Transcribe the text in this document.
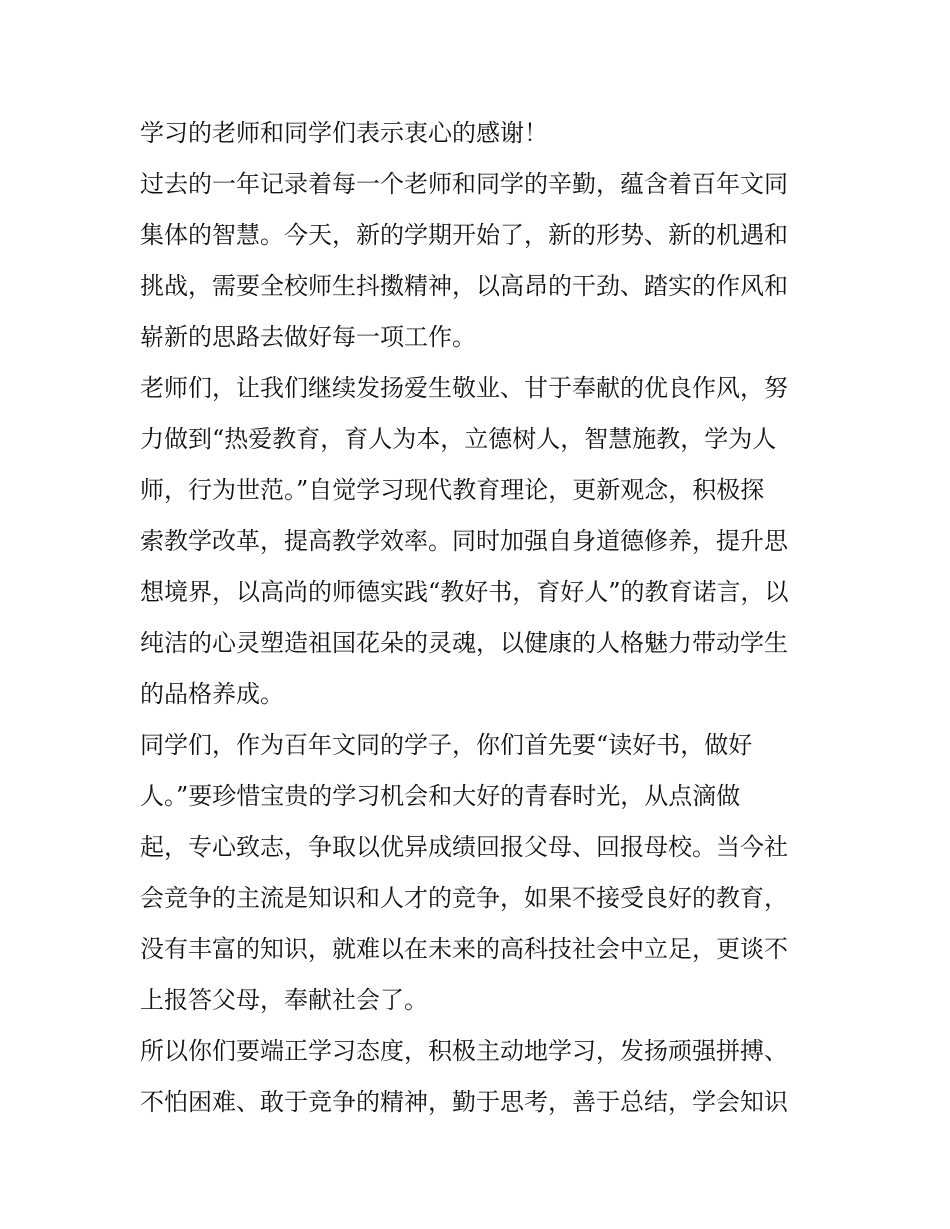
学习的老师和同学们表示衷心的感谢！
过去的一年记录着每一个老师和同学的辛勤，蕴含着百年文同
集体的智慧。今天，新的学期开始了，新的形势、新的机遇和
挑战，需要全校师生抖擞精神，以高昂的干劲、踏实的作风和
崭新的思路去做好每一项工作。
老师们，让我们继续发扬爱生敬业、甘于奉献的优良作风，努
力做到“热爱教育，育人为本，立德树人，智慧施教，学为人
师，行为世范。”自觉学习现代教育理论，更新观念，积极探
索教学改革，提高教学效率。同时加强自身道德修养，提升思
想境界，以高尚的师德实践“教好书，育好人”的教育诺言，以
纯洁的心灵塑造祖国花朵的灵魂，以健康的人格魅力带动学生
的品格养成。
同学们，作为百年文同的学子，你们首先要“读好书，做好
人。”要珍惜宝贵的学习机会和大好的青春时光，从点滴做
起，专心致志，争取以优异成绩回报父母、回报母校。当今社
会竞争的主流是知识和人才的竞争，如果不接受良好的教育，
没有丰富的知识，就难以在未来的高科技社会中立足，更谈不
上报答父母，奉献社会了。
所以你们要端正学习态度，积极主动地学习，发扬顽强拼搏、
不怕困难、敢于竞争的精神，勤于思考，善于总结，学会知识
